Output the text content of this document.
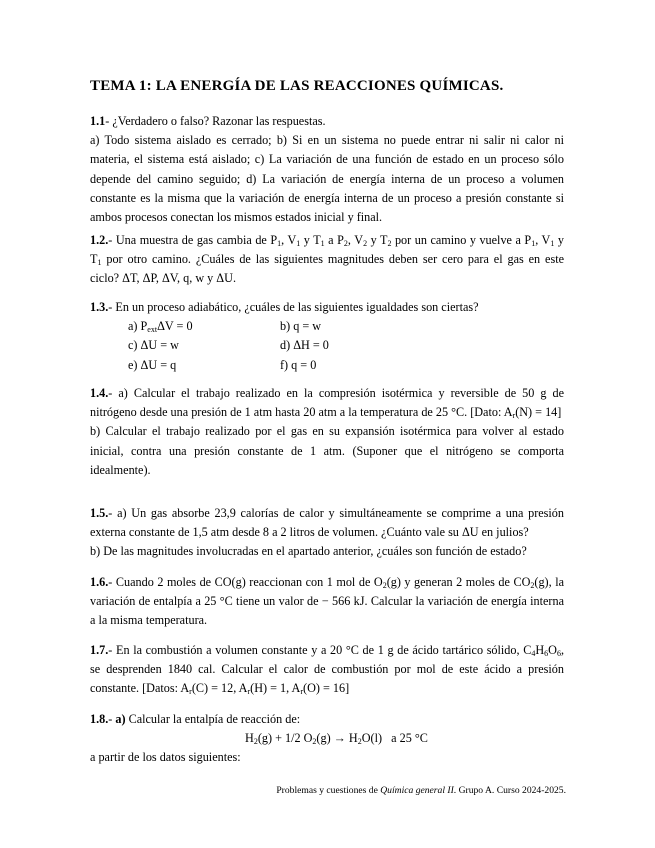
TEMA 1: LA ENERGÍA DE LAS REACCIONES QUÍMICAS.

1.1- ¿Verdadero o falso? Razonar las respuestas.

a) Todo sistema aislado es cerrado; b) Si en un sistema no puede entrar ni salir ni calor ni materia, el sistema está aislado; c) La variación de una función de estado en un proceso sólo depende del camino seguido; d) La variación de energía interna de un proceso a volumen constante es la misma que la variación de energía interna de un proceso a presión constante si ambos procesos conectan los mismos estados inicial y final.

1.2.- Una muestra de gas cambia de $P_1$, $V_1$ y $T_1$ a $P_2$, $V_2$ y $T_2$ por un camino y vuelve a $P_1$, $V_1$ y $T_1$ por otro camino. ¿Cuáles de las siguientes magnitudes deben ser cero para el gas en este ciclo? ΔT, ΔP, ΔV, q, w y ΔU.

1.3.- En un proceso adiabático, ¿cuáles de las siguientes igualdades son ciertas?

a) $P_{ext}\Delta V = 0$	b) q = w
c) ΔU = w	d) ΔH = 0
e) ΔU = q	f) q = 0

1.4.- a) Calcular el trabajo realizado en la compresión isotérmica y reversible de 50 g de nitrógeno desde una presión de 1 atm hasta 20 atm a la temperatura de 25 °C. [Dato: $A_r(N) = 14$]

b) Calcular el trabajo realizado por el gas en su expansión isotérmica para volver al estado inicial, contra una presión constante de 1 atm. (Suponer que el nitrógeno se comporta idealmente).

1.5.- a) Un gas absorbe 23,9 calorías de calor y simultáneamente se comprime a una presión externa constante de 1,5 atm desde 8 a 2 litros de volumen. ¿Cuánto vale su ΔU en julios?

b) De las magnitudes involucradas en el apartado anterior, ¿cuáles son función de estado?

1.6.- Cuando 2 moles de CO(g) reaccionan con 1 mol de $O_2(g)$ y generan 2 moles de $CO_2(g)$, la variación de entalpía a 25 °C tiene un valor de − 566 kJ. Calcular la variación de energía interna a la misma temperatura.

1.7.- En la combustión a volumen constante y a 20 °C de 1 g de ácido tartárico sólido, $C_4H_6O_6$, se desprenden 1840 cal. Calcular el calor de combustión por mol de este ácido a presión constante. [Datos: $A_r(C) = 12$, $A_r(H) = 1$, $A_r(O) = 16$]

1.8.- a) Calcular la entalpía de reacción de:

$H_2(g) + 1/2$ $O_2(g) \to H_2O(l)$   a 25 °C

a partir de los datos siguientes:

Problemas y cuestiones de Química general II. Grupo A. Curso 2024-2025.
